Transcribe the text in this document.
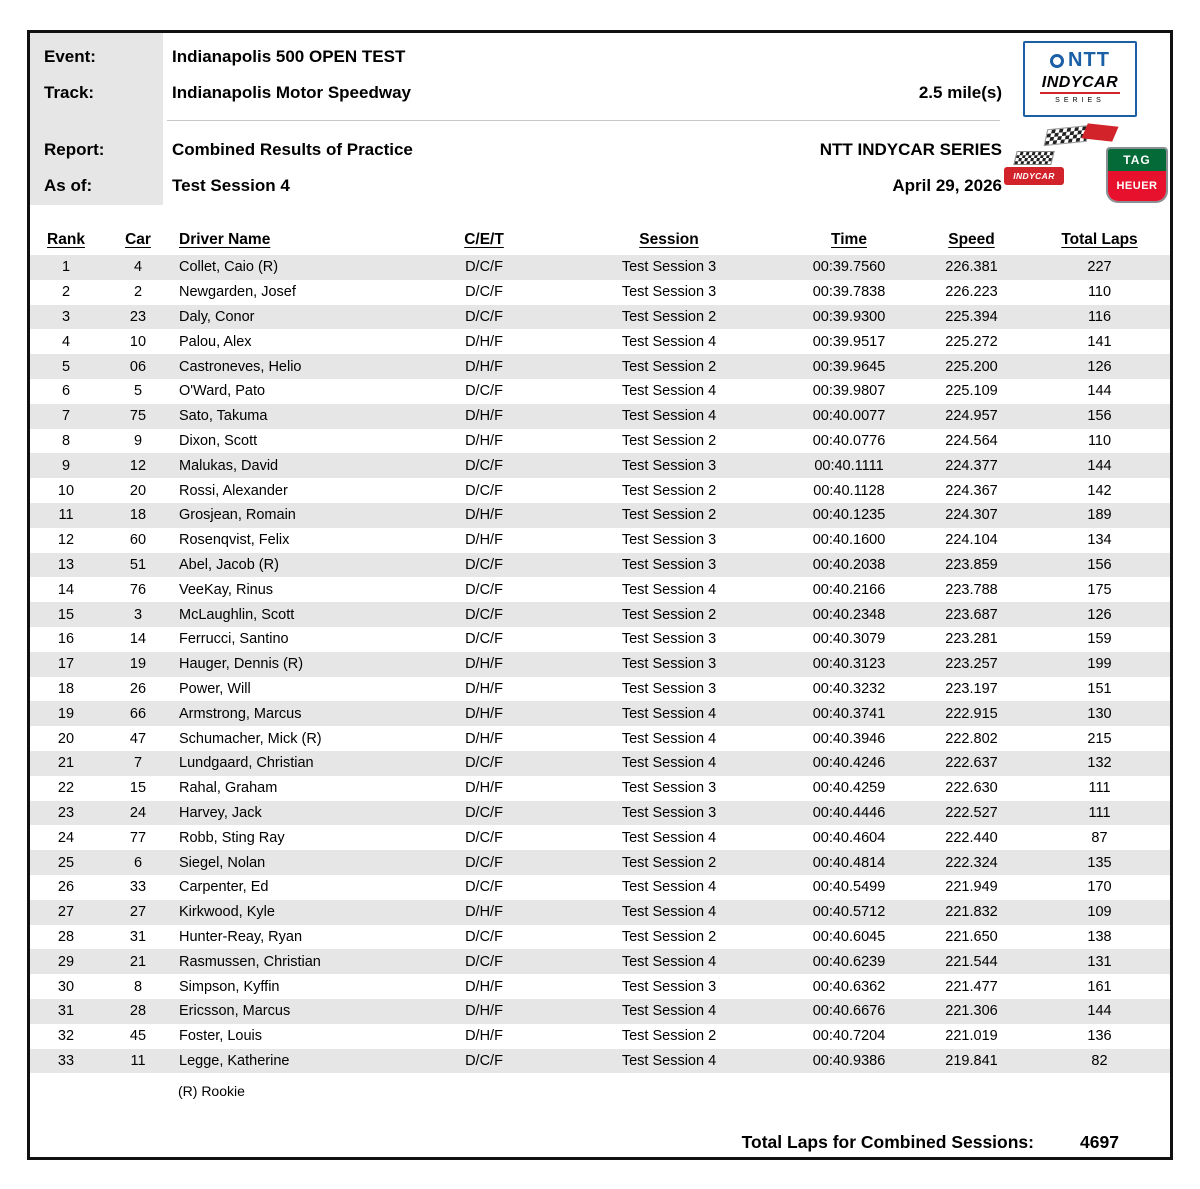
Event:	Indianapolis 500 OPEN TEST
Track:	Indianapolis Motor Speedway	2.5 mile(s)
Report:	Combined Results of Practice	NTT INDYCAR SERIES
As of:	Test Session 4	April 29, 2026
NTT
INDYCAR
SERIES
INDYCAR
TAG
HEUER
Rank	Car	Driver Name	C/E/T	Session	Time	Speed	Total Laps
1	4	Collet, Caio (R)	D/C/F	Test Session 3	00:39.7560	226.381	227
2	2	Newgarden, Josef	D/C/F	Test Session 3	00:39.7838	226.223	110
3	23	Daly, Conor	D/C/F	Test Session 2	00:39.9300	225.394	116
4	10	Palou, Alex	D/H/F	Test Session 4	00:39.9517	225.272	141
5	06	Castroneves, Helio	D/H/F	Test Session 2	00:39.9645	225.200	126
6	5	O'Ward, Pato	D/C/F	Test Session 4	00:39.9807	225.109	144
7	75	Sato, Takuma	D/H/F	Test Session 4	00:40.0077	224.957	156
8	9	Dixon, Scott	D/H/F	Test Session 2	00:40.0776	224.564	110
9	12	Malukas, David	D/C/F	Test Session 3	00:40.1111	224.377	144
10	20	Rossi, Alexander	D/C/F	Test Session 2	00:40.1128	224.367	142
11	18	Grosjean, Romain	D/H/F	Test Session 2	00:40.1235	224.307	189
12	60	Rosenqvist, Felix	D/H/F	Test Session 3	00:40.1600	224.104	134
13	51	Abel, Jacob (R)	D/C/F	Test Session 3	00:40.2038	223.859	156
14	76	VeeKay, Rinus	D/C/F	Test Session 4	00:40.2166	223.788	175
15	3	McLaughlin, Scott	D/C/F	Test Session 2	00:40.2348	223.687	126
16	14	Ferrucci, Santino	D/C/F	Test Session 3	00:40.3079	223.281	159
17	19	Hauger, Dennis (R)	D/H/F	Test Session 3	00:40.3123	223.257	199
18	26	Power, Will	D/H/F	Test Session 3	00:40.3232	223.197	151
19	66	Armstrong, Marcus	D/H/F	Test Session 4	00:40.3741	222.915	130
20	47	Schumacher, Mick (R)	D/H/F	Test Session 4	00:40.3946	222.802	215
21	7	Lundgaard, Christian	D/C/F	Test Session 4	00:40.4246	222.637	132
22	15	Rahal, Graham	D/H/F	Test Session 3	00:40.4259	222.630	111
23	24	Harvey, Jack	D/C/F	Test Session 3	00:40.4446	222.527	111
24	77	Robb, Sting Ray	D/C/F	Test Session 4	00:40.4604	222.440	87
25	6	Siegel, Nolan	D/C/F	Test Session 2	00:40.4814	222.324	135
26	33	Carpenter, Ed	D/C/F	Test Session 4	00:40.5499	221.949	170
27	27	Kirkwood, Kyle	D/H/F	Test Session 4	00:40.5712	221.832	109
28	31	Hunter-Reay, Ryan	D/C/F	Test Session 2	00:40.6045	221.650	138
29	21	Rasmussen, Christian	D/C/F	Test Session 4	00:40.6239	221.544	131
30	8	Simpson, Kyffin	D/H/F	Test Session 3	00:40.6362	221.477	161
31	28	Ericsson, Marcus	D/H/F	Test Session 4	00:40.6676	221.306	144
32	45	Foster, Louis	D/H/F	Test Session 2	00:40.7204	221.019	136
33	11	Legge, Katherine	D/C/F	Test Session 4	00:40.9386	219.841	82
(R) Rookie
Total Laps for Combined Sessions:	4697
